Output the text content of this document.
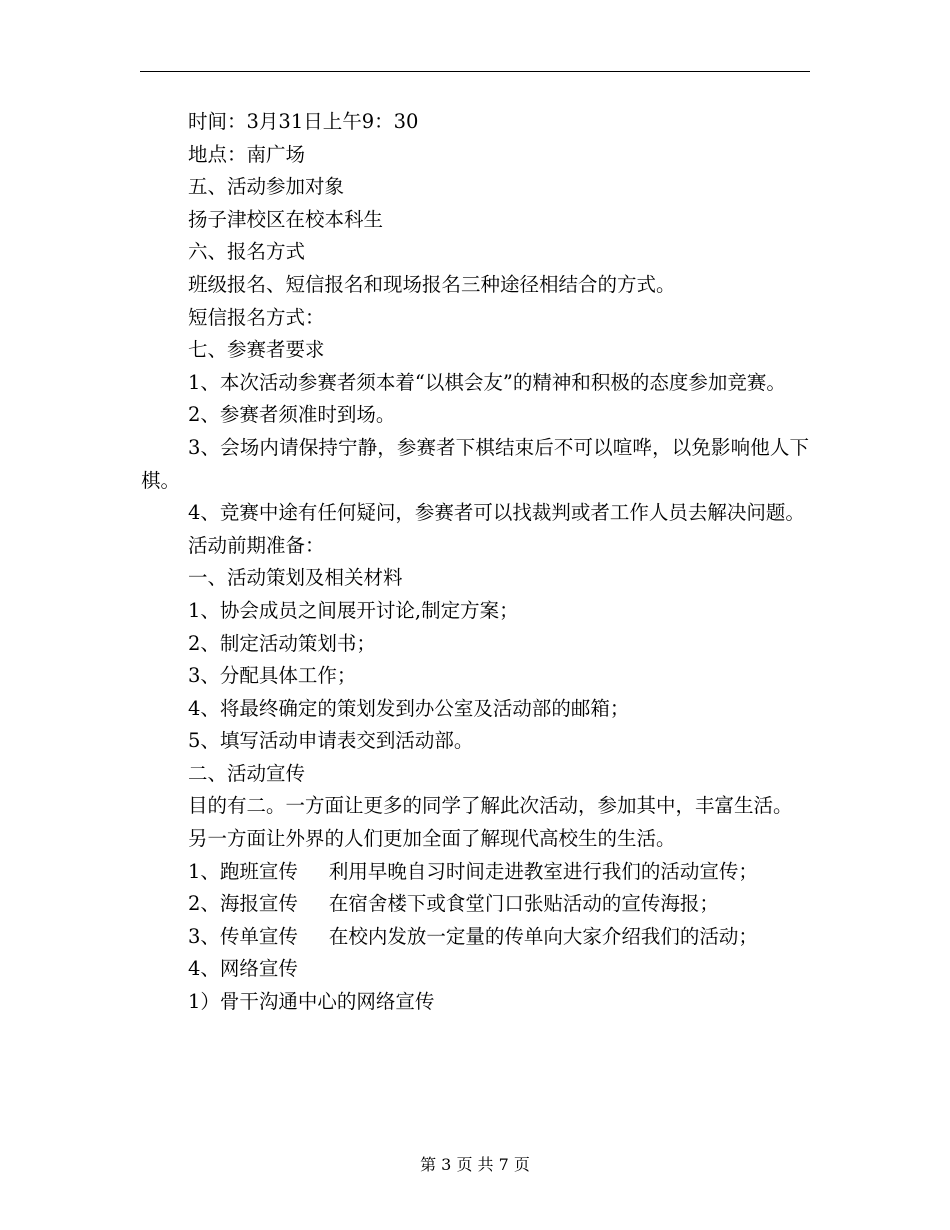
时间：3月31日上午9：30

地点：南广场

五、活动参加对象

扬子津校区在校本科生

六、报名方式

班级报名、短信报名和现场报名三种途径相结合的方式。

短信报名方式：

七、参赛者要求

1、本次活动参赛者须本着“以棋会友”的精神和积极的态度参加竞赛。

2、参赛者须准时到场。

3、会场内请保持宁静，参赛者下棋结束后不可以喧哗，以免影响他人下棋。

4、竞赛中途有任何疑问，参赛者可以找裁判或者工作人员去解决问题。

活动前期准备：

一、活动策划及相关材料

1、协会成员之间展开讨论,制定方案；

2、制定活动策划书；

3、分配具体工作；

4、将最终确定的策划发到办公室及活动部的邮箱；

5、填写活动申请表交到活动部。

二、活动宣传

目的有二。一方面让更多的同学了解此次活动，参加其中，丰富生活。

另一方面让外界的人们更加全面了解现代高校生的生活。

1、跑班宣传     利用早晚自习时间走进教室进行我们的活动宣传；

2、海报宣传     在宿舍楼下或食堂门口张贴活动的宣传海报；

3、传单宣传     在校内发放一定量的传单向大家介绍我们的活动；

4、网络宣传

1）骨干沟通中心的网络宣传

第 3 页 共 7 页
